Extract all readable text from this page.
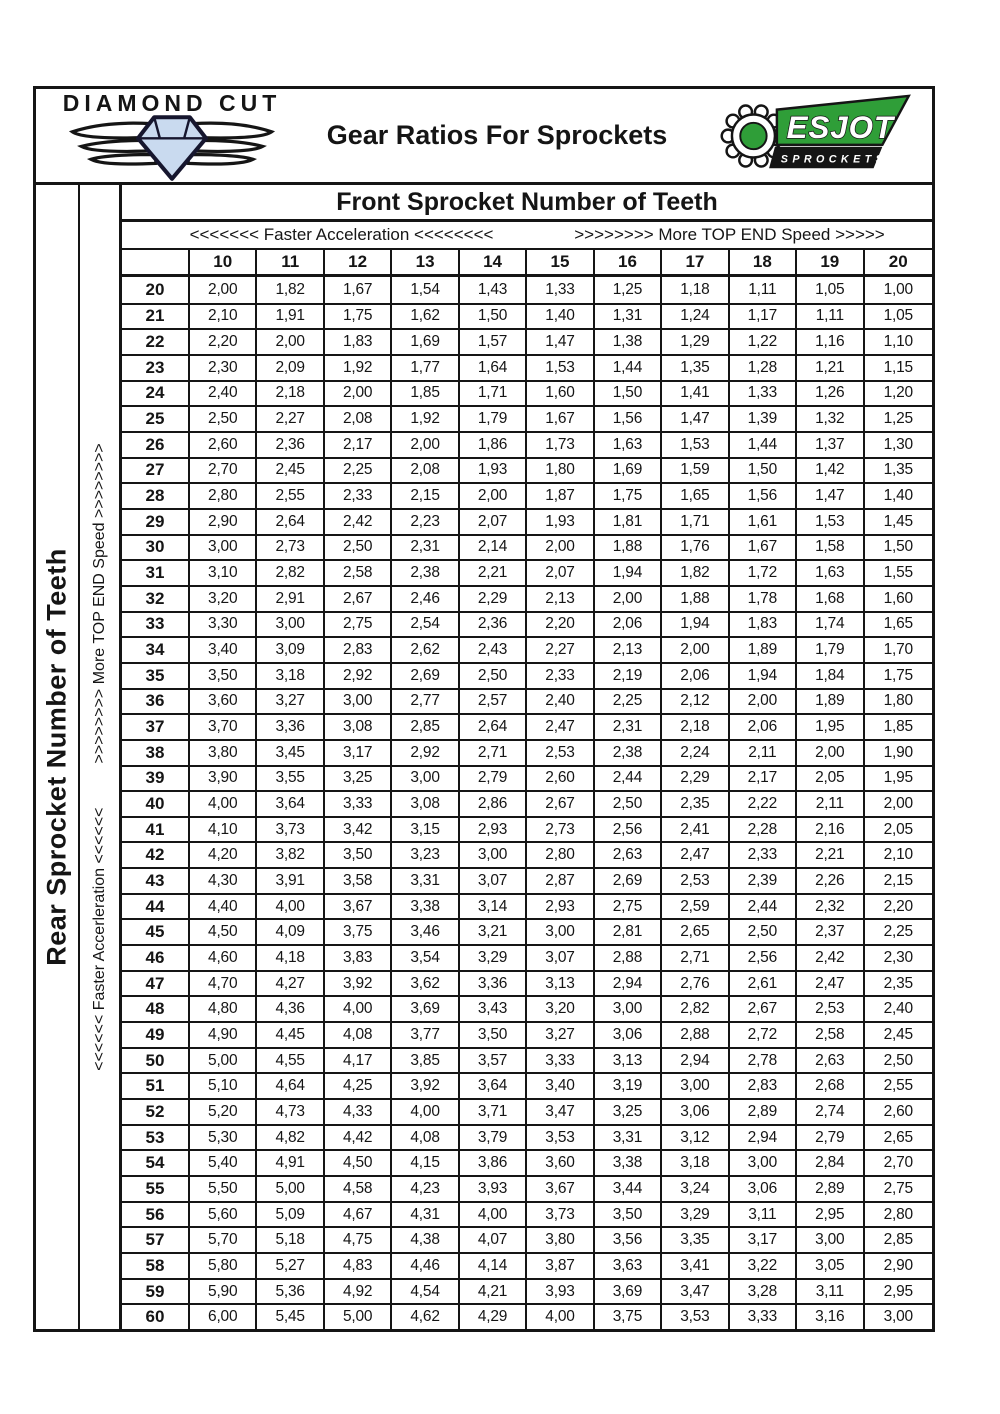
DIAMOND CUT
Gear Ratios For Sprockets	ESJOT
SPROCKETS
Rear Sprocket Number of Teeth <<<<<< Faster Accerleration <<<<<<
>>>>>>>> More TOP END Speed >>>>>>>>
Front Sprocket Number of Teeth
<<<<<<< Faster Acceleration <<<<<<<<	>>>>>>>> More TOP END Speed >>>>>
10	11	12	13	14	15	16	17	18	19	20
20	2,00	1,82	1,67	1,54	1,43	1,33	1,25	1,18	1,11	1,05	1,00
21	2,10	1,91	1,75	1,62	1,50	1,40	1,31	1,24	1,17	1,11	1,05
22	2,20	2,00	1,83	1,69	1,57	1,47	1,38	1,29	1,22	1,16	1,10
23	2,30	2,09	1,92	1,77	1,64	1,53	1,44	1,35	1,28	1,21	1,15
24	2,40	2,18	2,00	1,85	1,71	1,60	1,50	1,41	1,33	1,26	1,20
25	2,50	2,27	2,08	1,92	1,79	1,67	1,56	1,47	1,39	1,32	1,25
26	2,60	2,36	2,17	2,00	1,86	1,73	1,63	1,53	1,44	1,37	1,30
27	2,70	2,45	2,25	2,08	1,93	1,80	1,69	1,59	1,50	1,42	1,35
28	2,80	2,55	2,33	2,15	2,00	1,87	1,75	1,65	1,56	1,47	1,40
29	2,90	2,64	2,42	2,23	2,07	1,93	1,81	1,71	1,61	1,53	1,45
30	3,00	2,73	2,50	2,31	2,14	2,00	1,88	1,76	1,67	1,58	1,50
31	3,10	2,82	2,58	2,38	2,21	2,07	1,94	1,82	1,72	1,63	1,55
32	3,20	2,91	2,67	2,46	2,29	2,13	2,00	1,88	1,78	1,68	1,60
33	3,30	3,00	2,75	2,54	2,36	2,20	2,06	1,94	1,83	1,74	1,65
34	3,40	3,09	2,83	2,62	2,43	2,27	2,13	2,00	1,89	1,79	1,70
35	3,50	3,18	2,92	2,69	2,50	2,33	2,19	2,06	1,94	1,84	1,75
36	3,60	3,27	3,00	2,77	2,57	2,40	2,25	2,12	2,00	1,89	1,80
37	3,70	3,36	3,08	2,85	2,64	2,47	2,31	2,18	2,06	1,95	1,85
38	3,80	3,45	3,17	2,92	2,71	2,53	2,38	2,24	2,11	2,00	1,90
39	3,90	3,55	3,25	3,00	2,79	2,60	2,44	2,29	2,17	2,05	1,95
40	4,00	3,64	3,33	3,08	2,86	2,67	2,50	2,35	2,22	2,11	2,00
41	4,10	3,73	3,42	3,15	2,93	2,73	2,56	2,41	2,28	2,16	2,05
42	4,20	3,82	3,50	3,23	3,00	2,80	2,63	2,47	2,33	2,21	2,10
43	4,30	3,91	3,58	3,31	3,07	2,87	2,69	2,53	2,39	2,26	2,15
44	4,40	4,00	3,67	3,38	3,14	2,93	2,75	2,59	2,44	2,32	2,20
45	4,50	4,09	3,75	3,46	3,21	3,00	2,81	2,65	2,50	2,37	2,25
46	4,60	4,18	3,83	3,54	3,29	3,07	2,88	2,71	2,56	2,42	2,30
47	4,70	4,27	3,92	3,62	3,36	3,13	2,94	2,76	2,61	2,47	2,35
48	4,80	4,36	4,00	3,69	3,43	3,20	3,00	2,82	2,67	2,53	2,40
49	4,90	4,45	4,08	3,77	3,50	3,27	3,06	2,88	2,72	2,58	2,45
50	5,00	4,55	4,17	3,85	3,57	3,33	3,13	2,94	2,78	2,63	2,50
51	5,10	4,64	4,25	3,92	3,64	3,40	3,19	3,00	2,83	2,68	2,55
52	5,20	4,73	4,33	4,00	3,71	3,47	3,25	3,06	2,89	2,74	2,60
53	5,30	4,82	4,42	4,08	3,79	3,53	3,31	3,12	2,94	2,79	2,65
54	5,40	4,91	4,50	4,15	3,86	3,60	3,38	3,18	3,00	2,84	2,70
55	5,50	5,00	4,58	4,23	3,93	3,67	3,44	3,24	3,06	2,89	2,75
56	5,60	5,09	4,67	4,31	4,00	3,73	3,50	3,29	3,11	2,95	2,80
57	5,70	5,18	4,75	4,38	4,07	3,80	3,56	3,35	3,17	3,00	2,85
58	5,80	5,27	4,83	4,46	4,14	3,87	3,63	3,41	3,22	3,05	2,90
59	5,90	5,36	4,92	4,54	4,21	3,93	3,69	3,47	3,28	3,11	2,95
60	6,00	5,45	5,00	4,62	4,29	4,00	3,75	3,53	3,33	3,16	3,00
